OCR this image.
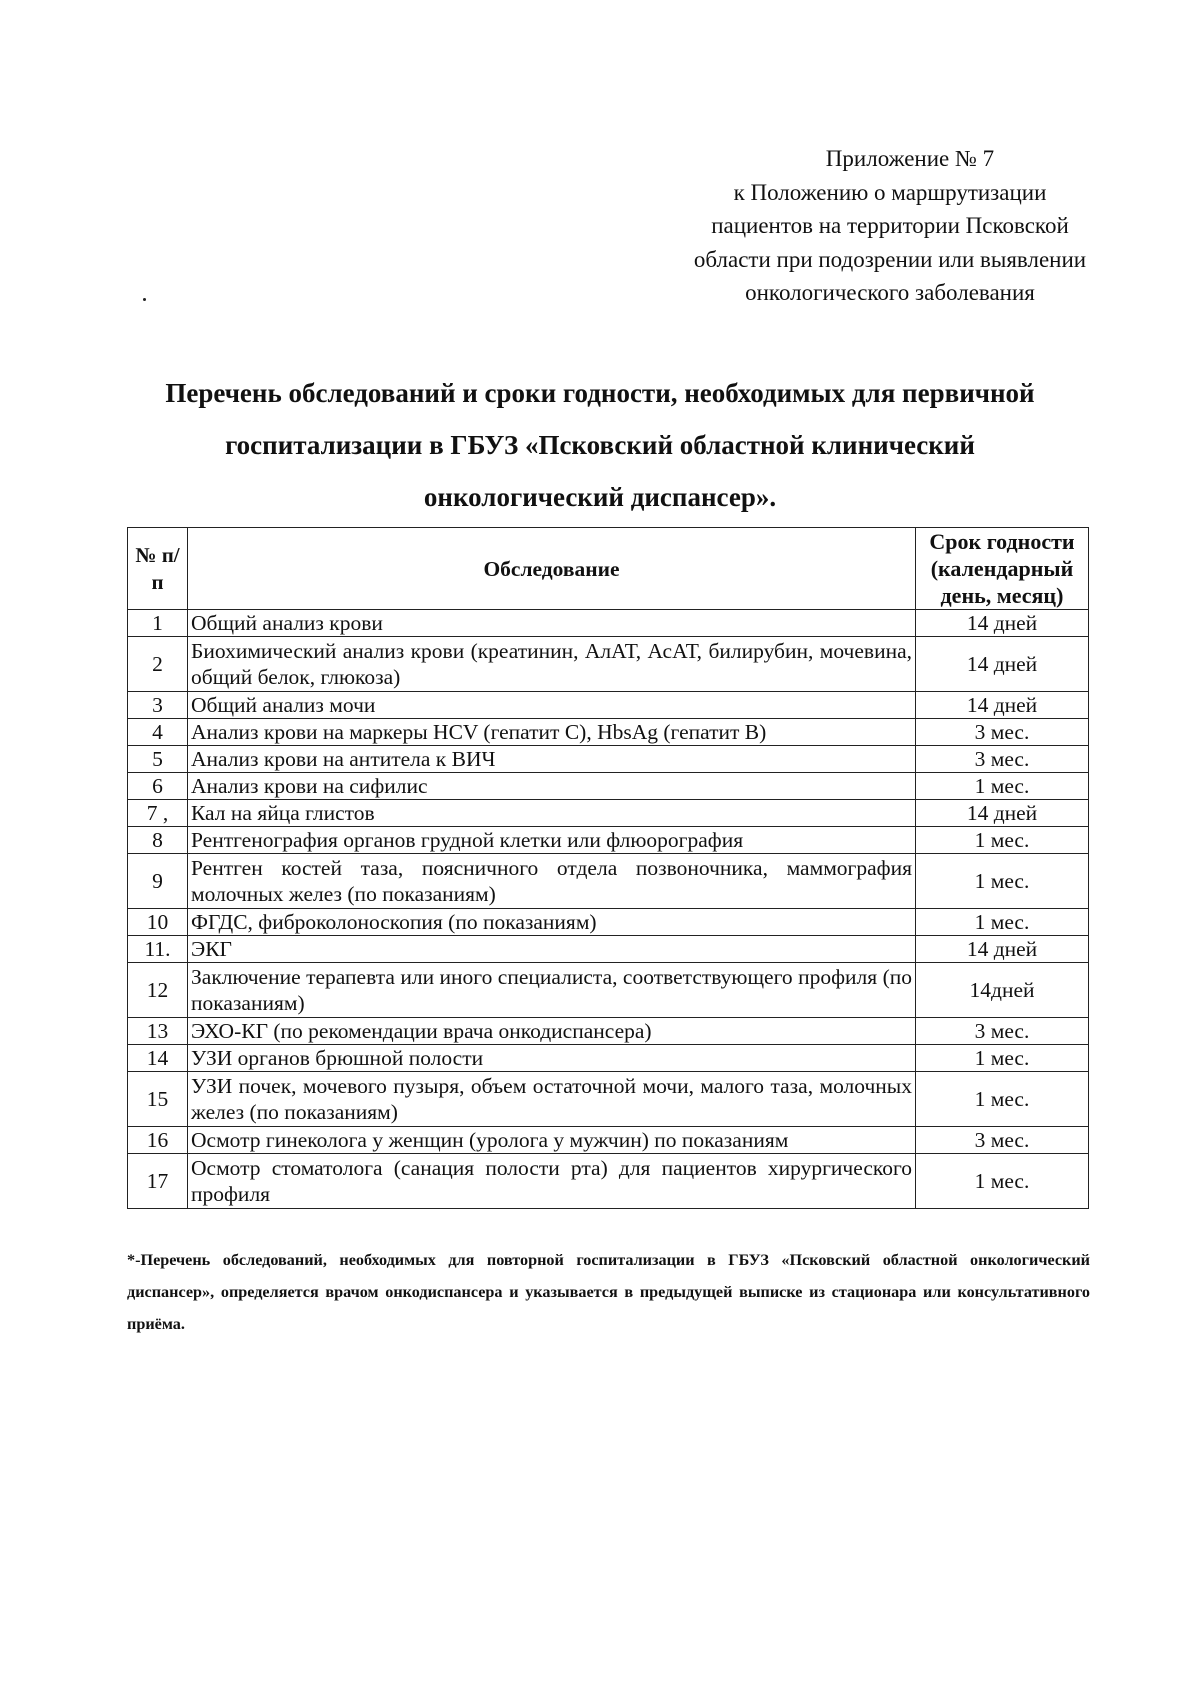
Приложение № 7
к Положению о маршрутизации
пациентов на территории Псковской
области при подозрении или выявлении
онкологического заболевания
Перечень обследований и сроки годности, необходимых для первичной
госпитализации в ГБУЗ «Псковский областной клинический
онкологический диспансер».
№ п/п	Обследование	Срок годности (календарный день, месяц)
1	Общий анализ крови	14 дней
2	Биохимический анализ крови (креатинин, АлАТ, АсАТ, билирубин, мочевина, общий белок, глюкоза)	14 дней
3	Общий анализ мочи	14 дней
4	Анализ крови на маркеры HCV (гепатит С), HbsAg (гепатит В)	3 мес.
5	Анализ крови на антитела к ВИЧ	3 мес.
6	Анализ крови на сифилис	1 мес.
7 ,	Кал на яйца глистов	14 дней
8	Рентгенография органов грудной клетки или флюорография	1 мес.
9	Рентген костей таза, поясничного отдела позвоночника, маммография молочных желез (по показаниям)	1 мес.
10	ФГДС, фиброколоноскопия (по показаниям)	1 мес.
11.	ЭКГ	14 дней
12	Заключение терапевта или иного специалиста, соответствующего профиля (по показаниям)	14дней
13	ЭХО-КГ (по рекомендации врача онкодиспансера)	3 мес.
14	УЗИ органов брюшной полости	1 мес.
15	УЗИ почек, мочевого пузыря, объем остаточной мочи, малого таза, молочных желез (по показаниям)	1 мес.
16	Осмотр гинеколога у женщин (уролога у мужчин) по показаниям	3 мес.
17	Осмотр стоматолога (санация полости рта) для пациентов хирургического профиля	1 мес.
*-Перечень обследований, необходимых для повторной госпитализации в ГБУЗ «Псковский областной онкологический диспансер», определяется врачом онкодиспансера и указывается в предыдущей выписке из стационара или консультативного приёма.
